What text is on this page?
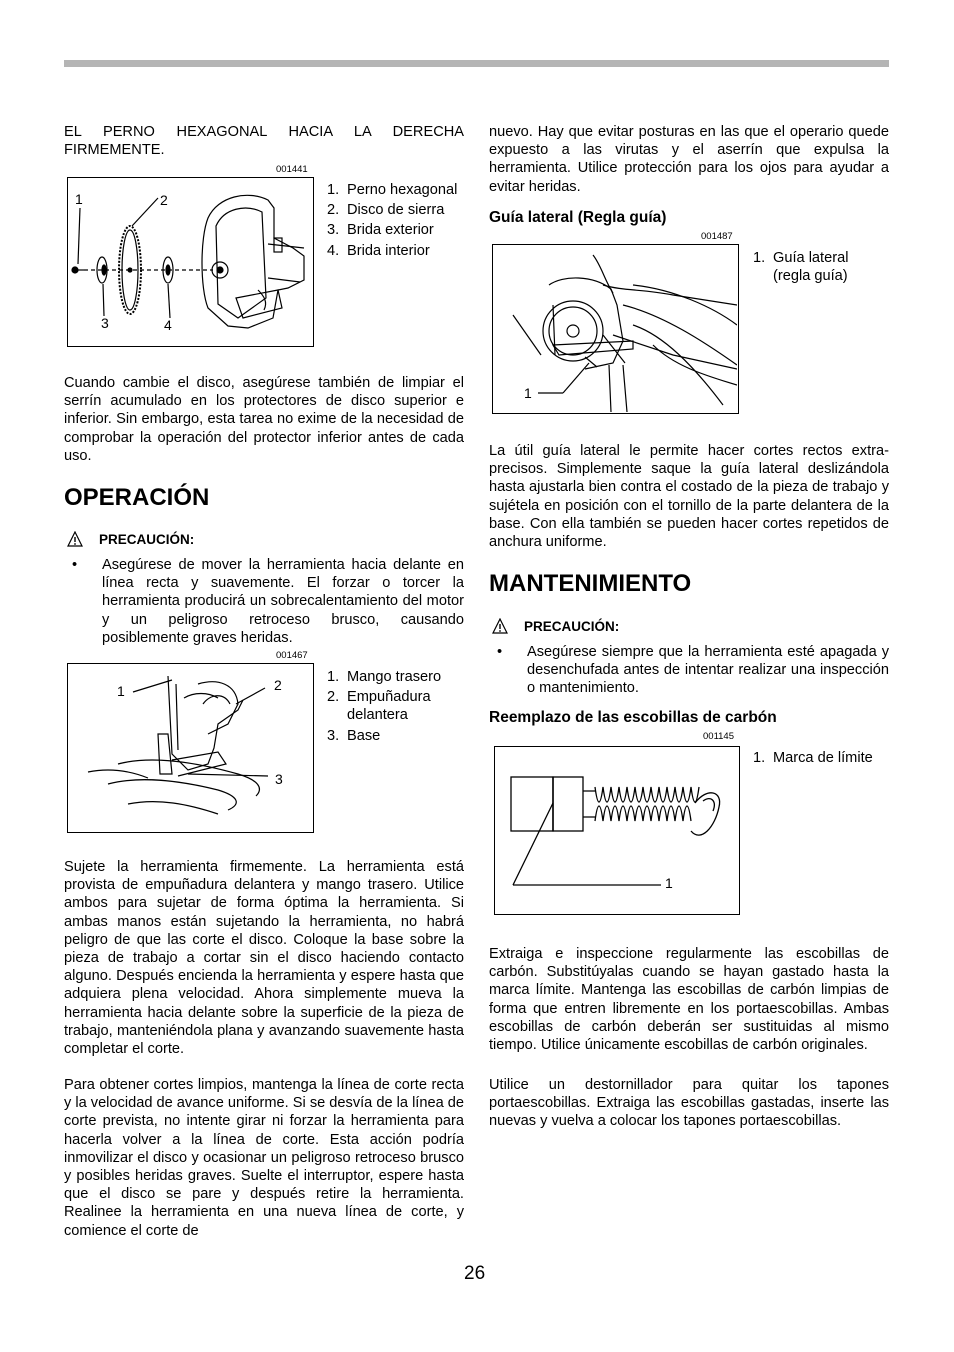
EL PERNO HEXAGONAL HACIA LA DERECHA FIRMEMENTE.
001441
1	2
3	4
1. Perno hexagonal
2. Disco de sierra
3. Brida exterior
4. Brida interior
Cuando cambie el disco, asegúrese también de limpiar el serrín acumulado en los protectores de disco superior e inferior. Sin embargo, esta tarea no exime de la necesidad de comprobar la operación del protector inferior antes de cada uso.
OPERACIÓN
PRECAUCIÓN:
•	Asegúrese de mover la herramienta hacia delante en línea recta y suavemente. El forzar o torcer la herramienta producirá un sobrecalentamiento del motor y un peligroso retroceso brusco, causando posiblemente graves heridas.
001467
1	2
3
1. Mango trasero
2. Empuñadura delantera
3. Base
Sujete la herramienta firmemente. La herramienta está provista de empuñadura delantera y mango trasero. Utilice ambos para sujetar de forma óptima la herramienta. Si ambas manos están sujetando la herramienta, no habrá peligro de que las corte el disco. Coloque la base sobre la pieza de trabajo a cortar sin el disco haciendo contacto alguno. Después encienda la herramienta y espere hasta que adquiera plena velocidad. Ahora simplemente mueva la herramienta hacia delante sobre la superficie de la pieza de trabajo, manteniéndola plana y avanzando suavemente hasta completar el corte.
Para obtener cortes limpios, mantenga la línea de corte recta y la velocidad de avance uniforme. Si se desvía de la línea de corte prevista, no intente girar ni forzar la herramienta para hacerla volver a la línea de corte. Esta acción podría inmovilizar el disco y ocasionar un peligroso retroceso brusco y posibles heridas graves. Suelte el interruptor, espere hasta que el disco se pare y después retire la herramienta. Realinee la herramienta en una nueva línea de corte, y comience el corte de
nuevo. Hay que evitar posturas en las que el operario quede expuesto a las virutas y el aserrín que expulsa la herramienta. Utilice protección para los ojos para ayudar a evitar heridas.
Guía lateral (Regla guía)
001487
1
1. Guía lateral (regla guía)
La útil guía lateral le permite hacer cortes rectos extra-precisos. Simplemente saque la guía lateral deslizándola hasta ajustarla bien contra el costado de la pieza de trabajo y sujétela en posición con el tornillo de la parte delantera de la base. Con ella también se pueden hacer cortes repetidos de anchura uniforme.
MANTENIMIENTO
PRECAUCIÓN:
•	Asegúrese siempre que la herramienta esté apagada y desenchufada antes de intentar realizar una inspección o mantenimiento.
Reemplazo de las escobillas de carbón
001145
1
1. Marca de límite
Extraiga e inspeccione regularmente las escobillas de carbón. Substitúyalas cuando se hayan gastado hasta la marca límite. Mantenga las escobillas de carbón limpias de forma que entren libremente en los portaescobillas. Ambas escobillas de carbón deberán ser sustituidas al mismo tiempo. Utilice únicamente escobillas de carbón originales.
Utilice un destornillador para quitar los tapones portaescobillas. Extraiga las escobillas gastadas, inserte las nuevas y vuelva a colocar los tapones portaescobillas.
26
